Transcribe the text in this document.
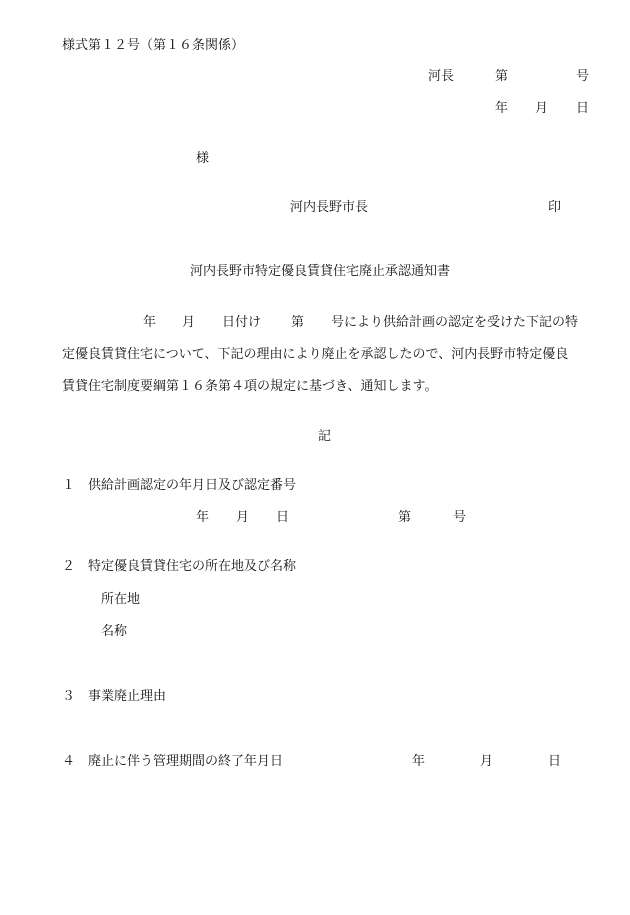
様式第１２号（第１６条関係）
河長	第	号
年 月 日
様
河内長野市長	印
河内長野市特定優良賃貸住宅廃止承認通知書
年 月 日付け 第 号により供給計画の認定を受けた下記の特
定優良賃貸住宅について、下記の理由により廃止を承認したので、河内長野市特定優良
賃貸住宅制度要綱第１６条第４項の規定に基づき、通知します。
記
１ 供給計画認定の年月日及び認定番号
年 月 日	第	号
２ 特定優良賃貸住宅の所在地及び名称
所在地
名称
３ 事業廃止理由
４ 廃止に伴う管理期間の終了年月日	年	月	日
